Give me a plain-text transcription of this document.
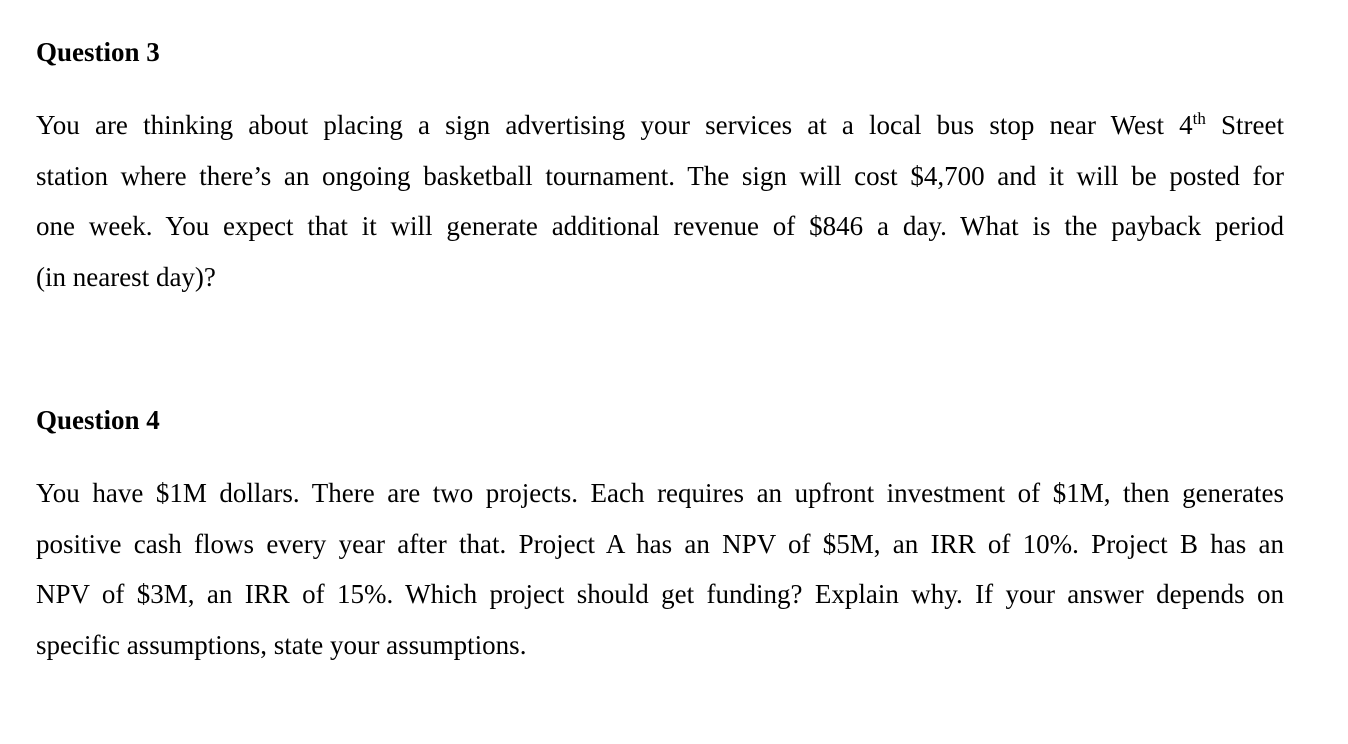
Question 3
You are thinking about placing a sign advertising your services at a local bus stop near West 4th Street
station where there’s an ongoing basketball tournament. The sign will cost $4,700 and it will be posted for
one week. You expect that it will generate additional revenue of $846 a day. What is the payback period
(in nearest day)?
Question 4
You have $1M dollars. There are two projects. Each requires an upfront investment of $1M, then generates
positive cash flows every year after that. Project A has an NPV of $5M, an IRR of 10%. Project B has an
NPV of $3M, an IRR of 15%. Which project should get funding? Explain why. If your answer depends on
specific assumptions, state your assumptions.
